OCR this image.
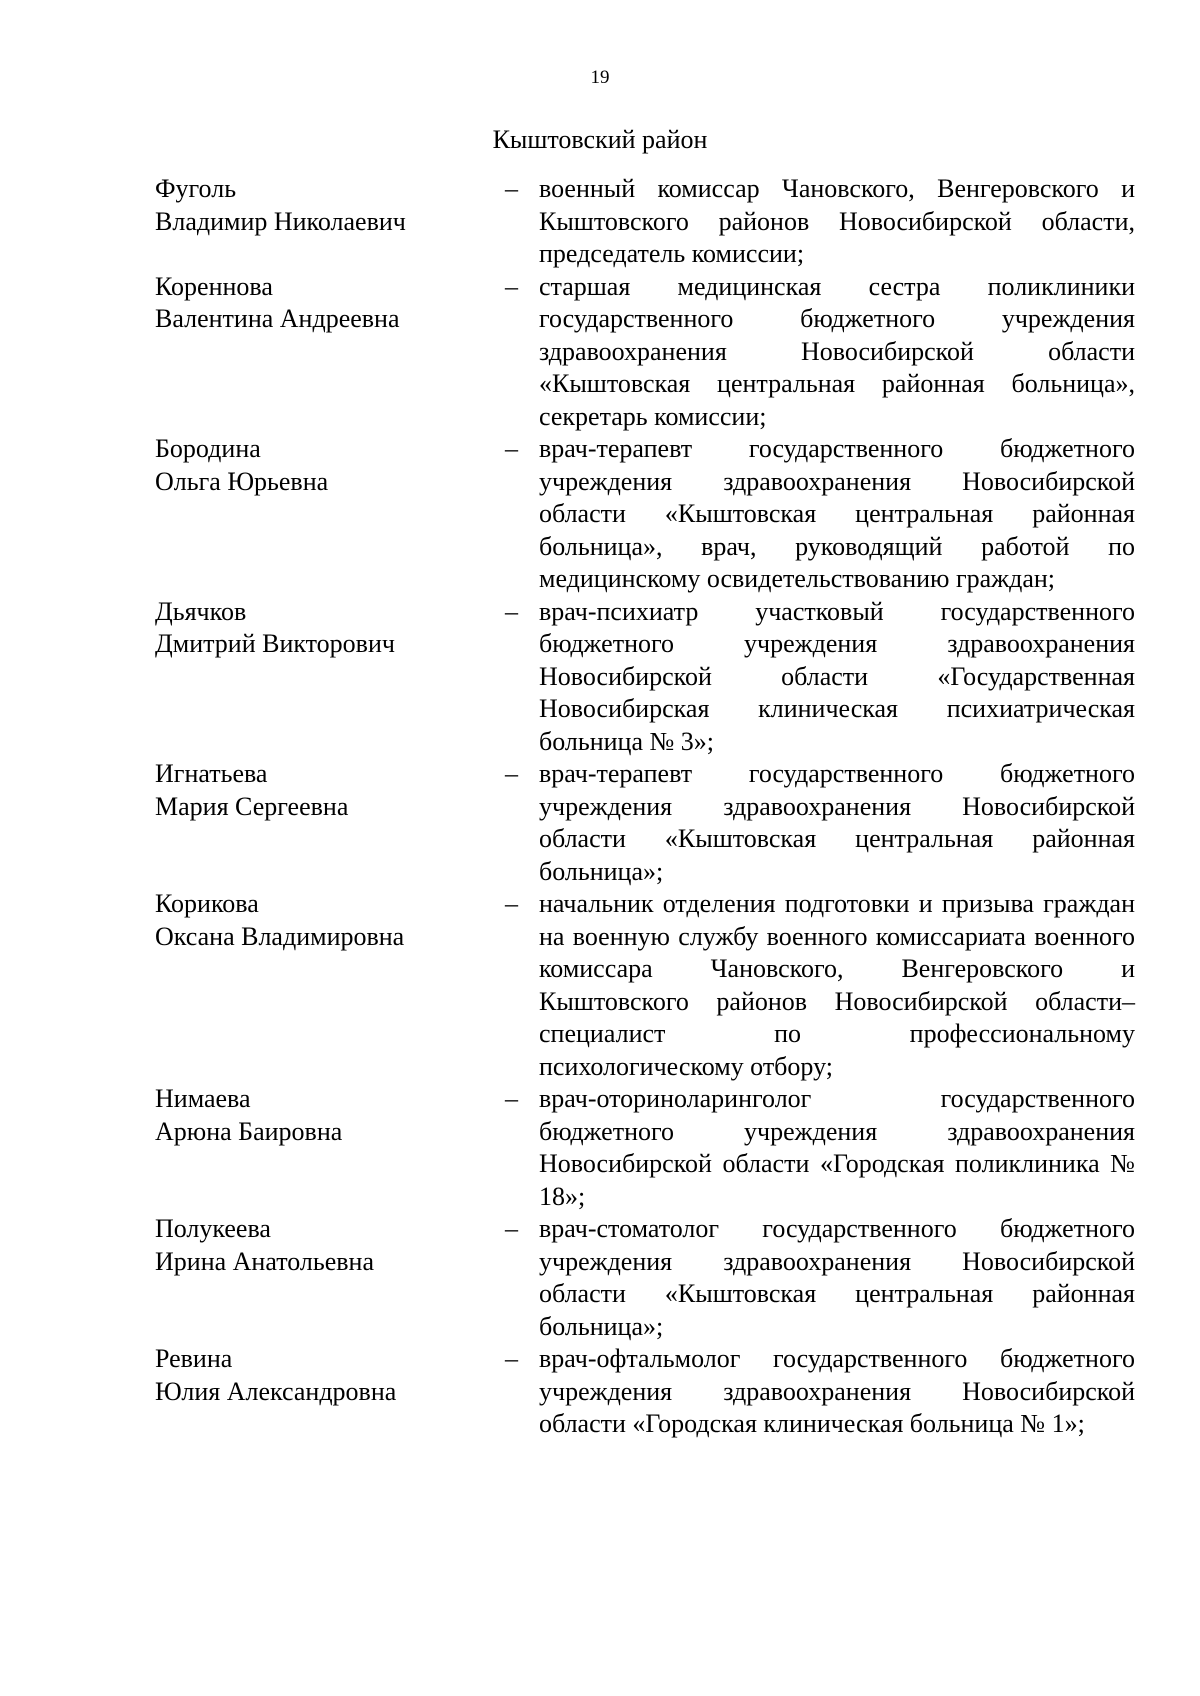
19
Кыштовский район
Фуголь
Владимир Николаевич
– военный комиссар Чановского, Венгеровского и Кыштовского районов Новосибирской области, председатель комиссии;
Кореннова
Валентина Андреевна
– старшая медицинская сестра поликлиники государственного бюджетного учреждения здравоохранения Новосибирской области «Кыштовская центральная районная больница», секретарь комиссии;
Бородина
Ольга Юрьевна
– врач-терапевт государственного бюджетного учреждения здравоохранения Новосибирской области «Кыштовская центральная районная больница», врач, руководящий работой по медицинскому освидетельствованию граждан;
Дьячков
Дмитрий Викторович
– врач-психиатр участковый государственного бюджетного учреждения здравоохранения Новосибирской области «Государственная Новосибирская клиническая психиатрическая больница № 3»;
Игнатьева
Мария Сергеевна
– врач-терапевт государственного бюджетного учреждения здравоохранения Новосибирской области «Кыштовская центральная районная больница»;
Корикова
Оксана Владимировна
– начальник отделения подготовки и призыва граждан на военную службу военного комиссариата военного комиссара Чановского, Венгеровского и Кыштовского районов Новосибирской области–специалист по профессиональному психологическому отбору;
Нимаева
Арюна Баировна
– врач-оториноларинголог государственного бюджетного учреждения здравоохранения Новосибирской области «Городская поликлиника № 18»;
Полукеева
Ирина Анатольевна
– врач-стоматолог государственного бюджетного учреждения здравоохранения Новосибирской области «Кыштовская центральная районная больница»;
Ревина
Юлия Александровна
– врач-офтальмолог государственного бюджетного учреждения здравоохранения Новосибирской области «Городская клиническая больница № 1»;
